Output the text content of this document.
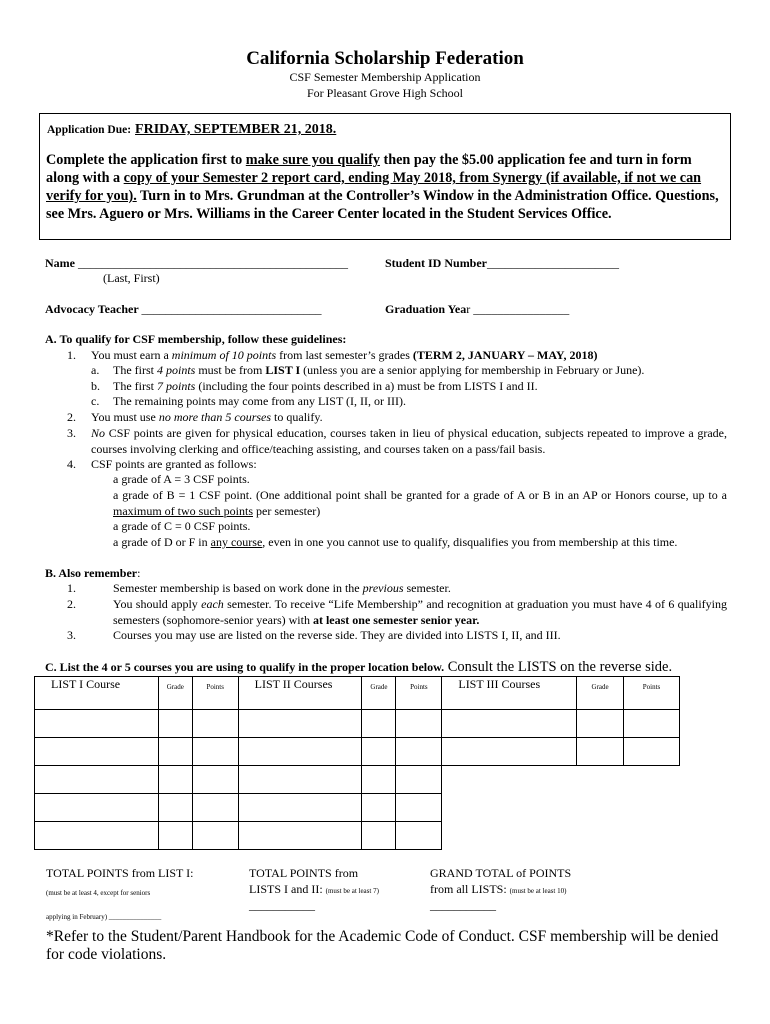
California Scholarship Federation
CSF Semester Membership Application
For Pleasant Grove High School
Application Due: FRIDAY, SEPTEMBER 21, 2018.
Complete the application first to make sure you qualify then pay the $5.00 application fee and turn in form along with a copy of your Semester 2 report card, ending May 2018, from Synergy (if available, if not we can verify for you). Turn in to Mrs. Grundman at the Controller’s Window in the Administration Office. Questions, see Mrs. Aguero or Mrs. Williams in the Career Center located in the Student Services Office.
Name _____________________________________________
(Last, First)
Student ID Number______________________
Advocacy Teacher ______________________________	Graduation Year ________________
A. To qualify for CSF membership, follow these guidelines:
1. You must earn a minimum of 10 points from last semester’s grades (TERM 2, JANUARY – MAY, 2018)
a. The first 4 points must be from LIST I (unless you are a senior applying for membership in February or June).
b. The first 7 points (including the four points described in a) must be from LISTS I and II.
c. The remaining points may come from any LIST (I, II, or III).
2. You must use no more than 5 courses to qualify.
3. No CSF points are given for physical education, courses taken in lieu of physical education, subjects repeated to improve a grade, courses involving clerking and office/teaching assisting, and courses taken on a pass/fail basis.
4. CSF points are granted as follows:
a grade of A = 3 CSF points.
a grade of B = 1 CSF point. (One additional point shall be granted for a grade of A or B in an AP or Honors course, up to a maximum of two such points per semester)
a grade of C = 0 CSF points.
a grade of D or F in any course, even in one you cannot use to qualify, disqualifies you from membership at this time.
B. Also remember:
1.	Semester membership is based on work done in the previous semester.
2.	You should apply each semester. To receive “Life Membership” and recognition at graduation you must have 4 of 6 qualifying semesters (sophomore-senior years) with at least one semester senior year.
3.	Courses you may use are listed on the reverse side. They are divided into LISTS I, II, and III.
C. List the 4 or 5 courses you are using to qualify in the proper location below. Consult the LISTS on the reverse side.
LIST I Course	Grade	Points	LIST II Courses	Grade	Points	LIST III Courses	Grade	Points

TOTAL POINTS from LIST I:
(must be at least 4, except for seniors
applying in February) _______________
TOTAL POINTS from
LISTS I and II: (must be at least 7)
___________
GRAND TOTAL of POINTS
from all LISTS: (must be at least 10)
___________
*Refer to the Student/Parent Handbook for the Academic Code of Conduct. CSF membership will be denied for code violations.
